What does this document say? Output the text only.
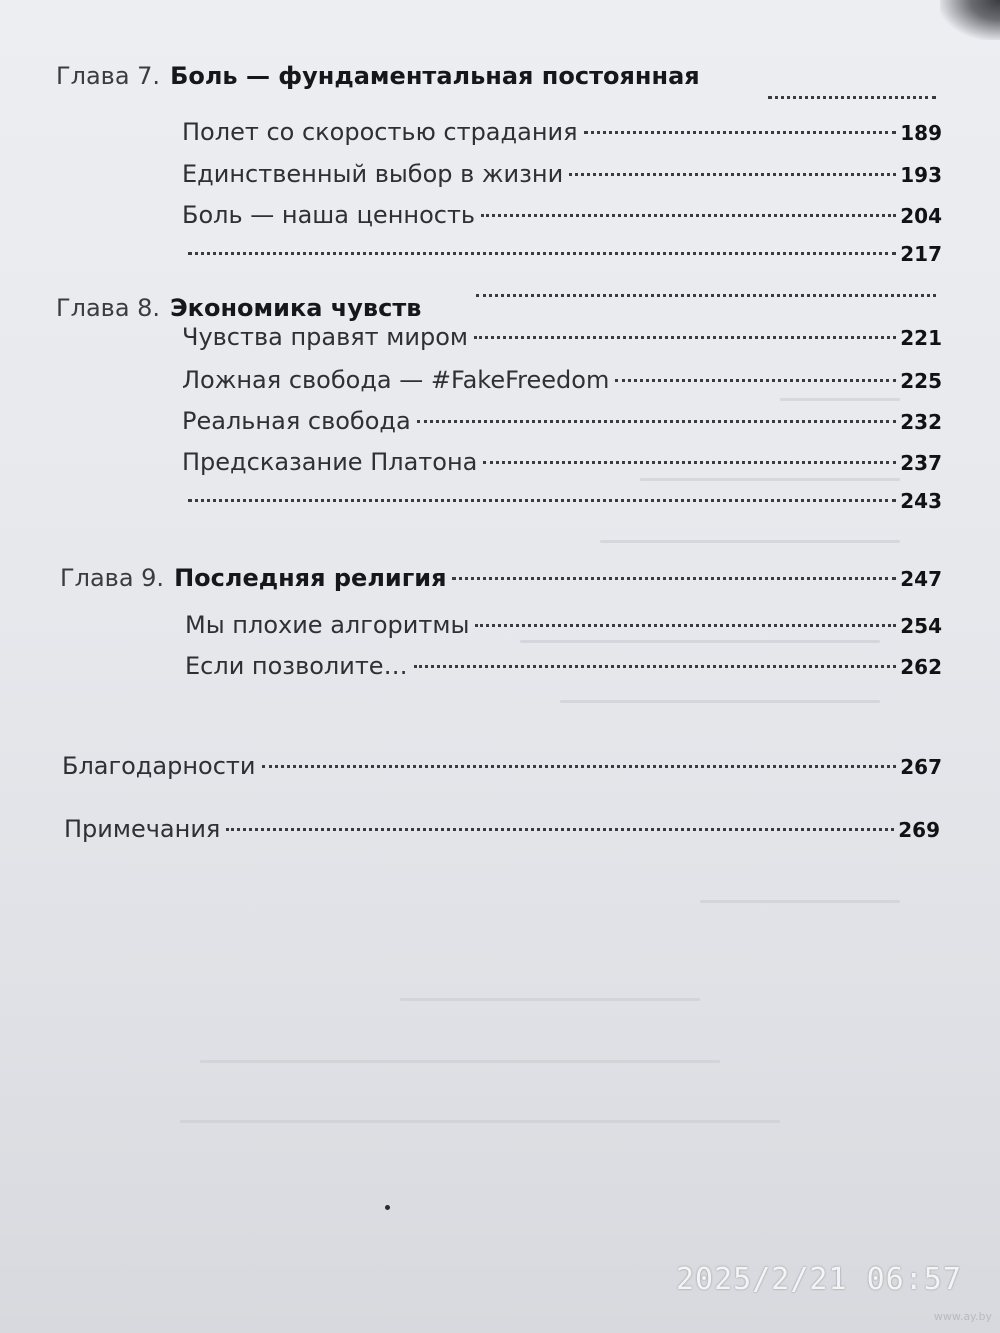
Глава 7. Боль — фундаментальная постоянная
Полет со скоростью страдания	189
Единственный выбор в жизни	193
Боль — наша ценность	204
217
Глава 8. Экономика чувств
Чувства правят миром	221
Ложная свобода — #FakeFreedom	225
Реальная свобода	232
Предсказание Платона	237
243
Глава 9. Последняя религия	247
Мы плохие алгоритмы	254
Если позволите…	262
Благодарности	267
Примечания	269
2025/2/21 06:57
www.ay.by
